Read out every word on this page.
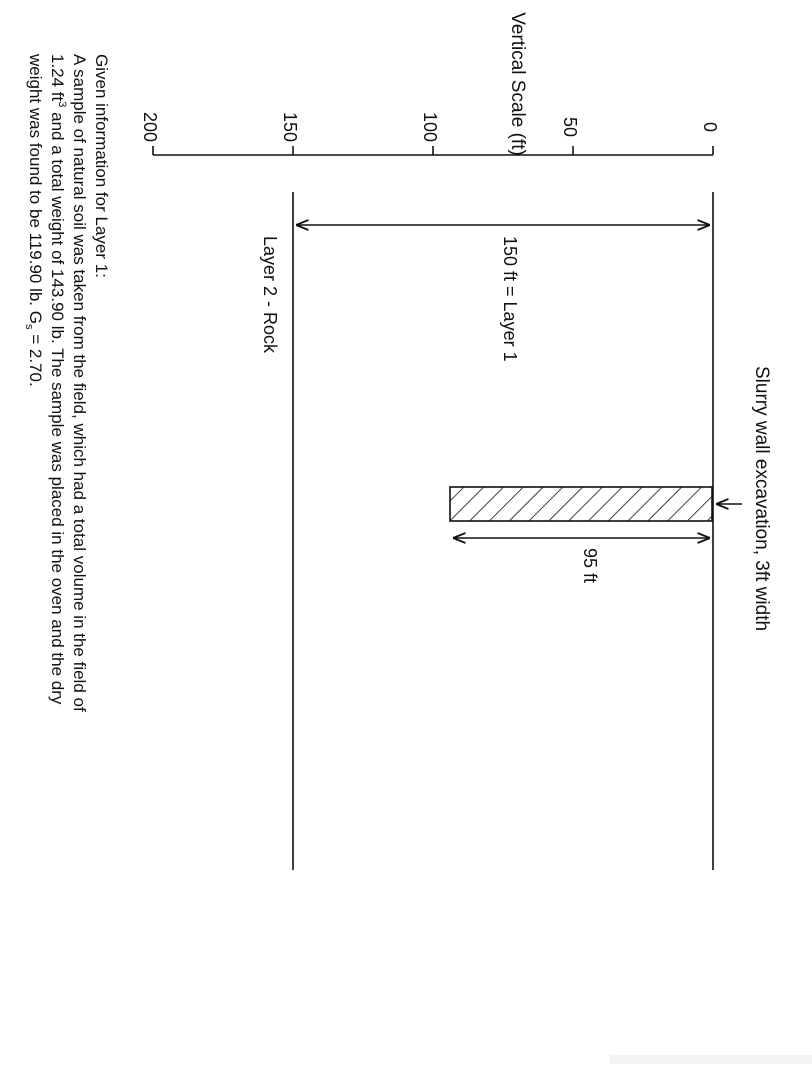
Vertical Scale (ft)	0
50
100
150
200
150 ft = Layer 1
Layer 2 - Rock
95 ft	Slurry wall excavation, 3ft width
Given information for Layer 1:
A sample of natural soil was taken from the field, which had a total volume in the field of
1.24 $ft^3$ and a total weight of 143.90 lb. The sample was placed in the oven and the dry
weight was found to be 119.90 lb. $G_s = 2.70$.
